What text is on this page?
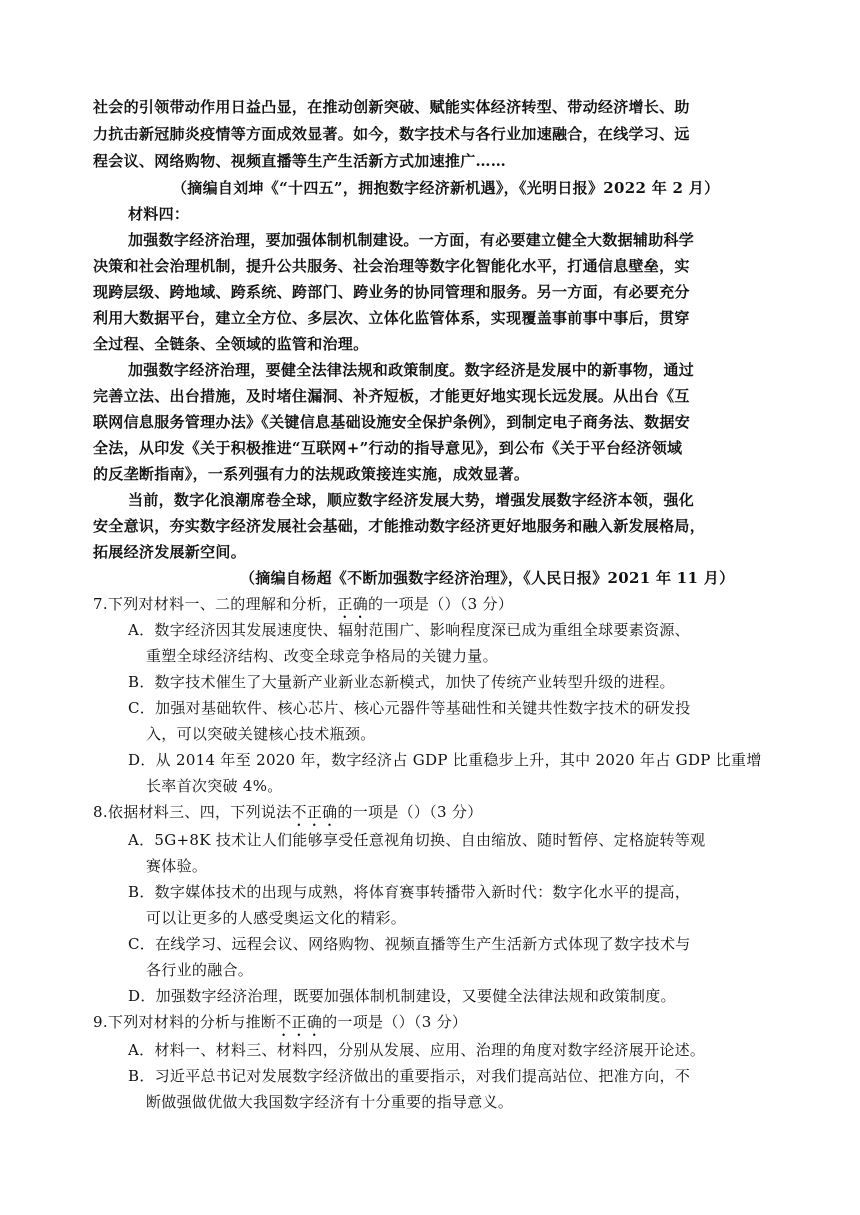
社会的引领带动作用日益凸显，在推动创新突破、赋能实体经济转型、带动经济增长、助
力抗击新冠肺炎疫情等方面成效显著。如今，数字技术与各行业加速融合，在线学习、远
程会议、网络购物、视频直播等生产生活新方式加速推广……
（摘编自刘坤《“十四五”，拥抱数字经济新机遇》，《光明日报》2022 年 2 月）
材料四：
加强数字经济治理，要加强体制机制建设。一方面，有必要建立健全大数据辅助科学
决策和社会治理机制，提升公共服务、社会治理等数字化智能化水平，打通信息壁垒，实
现跨层级、跨地域、跨系统、跨部门、跨业务的协同管理和服务。另一方面，有必要充分
利用大数据平台，建立全方位、多层次、立体化监管体系，实现覆盖事前事中事后，贯穿
全过程、全链条、全领域的监管和治理。
加强数字经济治理，要健全法律法规和政策制度。数字经济是发展中的新事物，通过
完善立法、出台措施，及时堵住漏洞、补齐短板，才能更好地实现长远发展。从出台《互
联网信息服务管理办法》《关键信息基础设施安全保护条例》，到制定电子商务法、数据安
全法，从印发《关于积极推进“互联网+”行动的指导意见》，到公布《关于平台经济领域
的反垄断指南》，一系列强有力的法规政策接连实施，成效显著。
当前，数字化浪潮席卷全球，顺应数字经济发展大势，增强发展数字经济本领，强化
安全意识，夯实数字经济发展社会基础，才能推动数字经济更好地服务和融入新发展格局，
拓展经济发展新空间。
（摘编自杨超《不断加强数字经济治理》，《人民日报》2021 年 11 月）
7.下列对材料一、二的理解和分析，正确的一项是（）（3 分）
A．数字经济因其发展速度快、辐射范围广、影响程度深已成为重组全球要素资源、
重塑全球经济结构、改变全球竞争格局的关键力量。
B．数字技术催生了大量新产业新业态新模式，加快了传统产业转型升级的进程。
C．加强对基础软件、核心芯片、核心元器件等基础性和关键共性数字技术的研发投
入，可以突破关键核心技术瓶颈。
D．从 2014 年至 2020 年，数字经济占 GDP 比重稳步上升，其中 2020 年占 GDP 比重增
长率首次突破 4%。
8.依据材料三、四，下列说法不正确的一项是（）（3 分）
A．5G+8K 技术让人们能够享受任意视角切换、自由缩放、随时暂停、定格旋转等观
赛体验。
B．数字媒体技术的出现与成熟，将体育赛事转播带入新时代：数字化水平的提高，
可以让更多的人感受奥运文化的精彩。
C．在线学习、远程会议、网络购物、视频直播等生产生活新方式体现了数字技术与
各行业的融合。
D．加强数字经济治理，既要加强体制机制建设，又要健全法律法规和政策制度。
9.下列对材料的分析与推断不正确的一项是（）（3 分）
A．材料一、材料三、材料四，分别从发展、应用、治理的角度对数字经济展开论述。
B．习近平总书记对发展数字经济做出的重要指示，对我们提高站位、把准方向，不
断做强做优做大我国数字经济有十分重要的指导意义。
